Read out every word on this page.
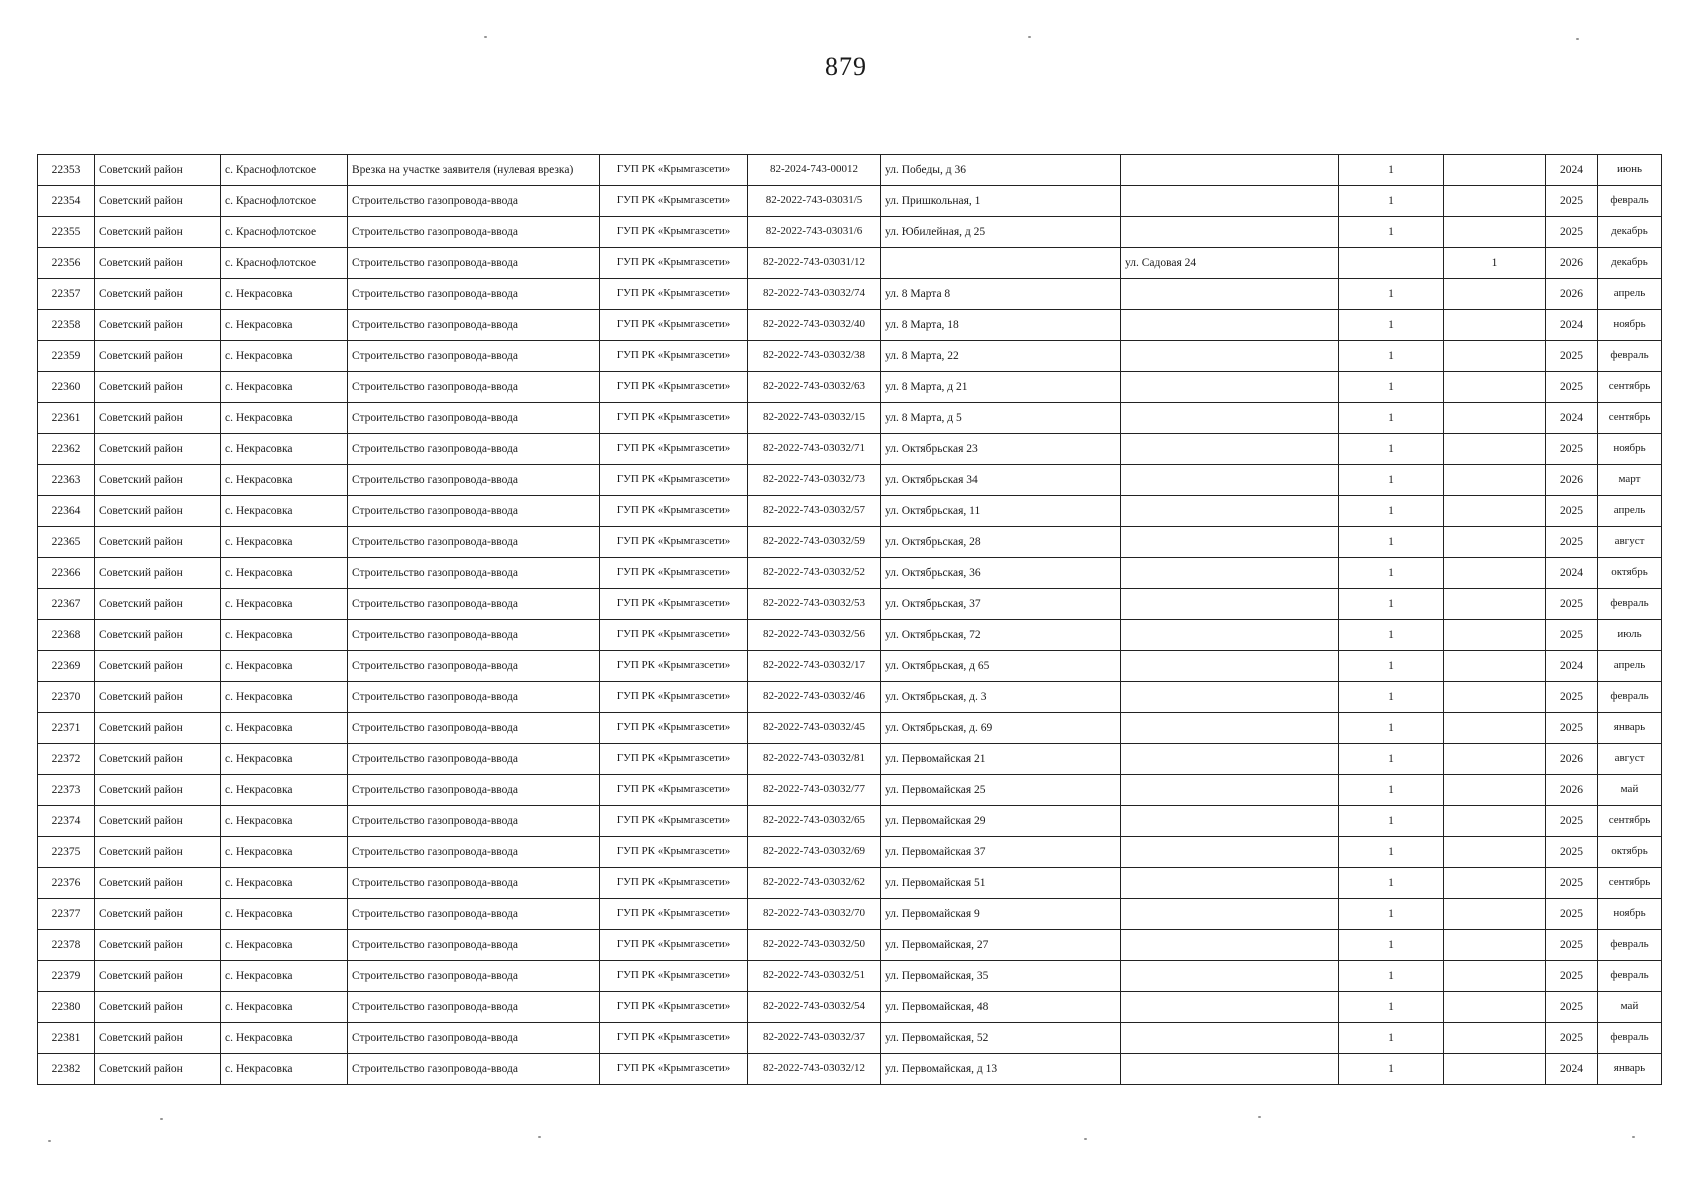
879
22353	Советский район	с. Краснофлотское	Врезка на участке заявителя (нулевая врезка)	ГУП РК «Крымгазсети»	82-2024-743-00012	ул. Победы, д 36		1		2024	июнь
22354	Советский район	с. Краснофлотское	Строительство газопровода-ввода	ГУП РК «Крымгазсети»	82-2022-743-03031/5	ул. Пришкольная, 1		1		2025	февраль
22355	Советский район	с. Краснофлотское	Строительство газопровода-ввода	ГУП РК «Крымгазсети»	82-2022-743-03031/6	ул. Юбилейная, д 25		1		2025	декабрь
22356	Советский район	с. Краснофлотское	Строительство газопровода-ввода	ГУП РК «Крымгазсети»	82-2022-743-03031/12		ул. Садовая 24		1	2026	декабрь
22357	Советский район	с. Некрасовка	Строительство газопровода-ввода	ГУП РК «Крымгазсети»	82-2022-743-03032/74	ул. 8 Марта 8		1		2026	апрель
22358	Советский район	с. Некрасовка	Строительство газопровода-ввода	ГУП РК «Крымгазсети»	82-2022-743-03032/40	ул. 8 Марта, 18		1		2024	ноябрь
22359	Советский район	с. Некрасовка	Строительство газопровода-ввода	ГУП РК «Крымгазсети»	82-2022-743-03032/38	ул. 8 Марта, 22		1		2025	февраль
22360	Советский район	с. Некрасовка	Строительство газопровода-ввода	ГУП РК «Крымгазсети»	82-2022-743-03032/63	ул. 8 Марта, д 21		1		2025	сентябрь
22361	Советский район	с. Некрасовка	Строительство газопровода-ввода	ГУП РК «Крымгазсети»	82-2022-743-03032/15	ул. 8 Марта, д 5		1		2024	сентябрь
22362	Советский район	с. Некрасовка	Строительство газопровода-ввода	ГУП РК «Крымгазсети»	82-2022-743-03032/71	ул. Октябрьская 23		1		2025	ноябрь
22363	Советский район	с. Некрасовка	Строительство газопровода-ввода	ГУП РК «Крымгазсети»	82-2022-743-03032/73	ул. Октябрьская 34		1		2026	март
22364	Советский район	с. Некрасовка	Строительство газопровода-ввода	ГУП РК «Крымгазсети»	82-2022-743-03032/57	ул. Октябрьская, 11		1		2025	апрель
22365	Советский район	с. Некрасовка	Строительство газопровода-ввода	ГУП РК «Крымгазсети»	82-2022-743-03032/59	ул. Октябрьская, 28		1		2025	август
22366	Советский район	с. Некрасовка	Строительство газопровода-ввода	ГУП РК «Крымгазсети»	82-2022-743-03032/52	ул. Октябрьская, 36		1		2024	октябрь
22367	Советский район	с. Некрасовка	Строительство газопровода-ввода	ГУП РК «Крымгазсети»	82-2022-743-03032/53	ул. Октябрьская, 37		1		2025	февраль
22368	Советский район	с. Некрасовка	Строительство газопровода-ввода	ГУП РК «Крымгазсети»	82-2022-743-03032/56	ул. Октябрьская, 72		1		2025	июль
22369	Советский район	с. Некрасовка	Строительство газопровода-ввода	ГУП РК «Крымгазсети»	82-2022-743-03032/17	ул. Октябрьская, д 65		1		2024	апрель
22370	Советский район	с. Некрасовка	Строительство газопровода-ввода	ГУП РК «Крымгазсети»	82-2022-743-03032/46	ул. Октябрьская, д. 3		1		2025	февраль
22371	Советский район	с. Некрасовка	Строительство газопровода-ввода	ГУП РК «Крымгазсети»	82-2022-743-03032/45	ул. Октябрьская, д. 69		1		2025	январь
22372	Советский район	с. Некрасовка	Строительство газопровода-ввода	ГУП РК «Крымгазсети»	82-2022-743-03032/81	ул. Первомайская 21		1		2026	август
22373	Советский район	с. Некрасовка	Строительство газопровода-ввода	ГУП РК «Крымгазсети»	82-2022-743-03032/77	ул. Первомайская 25		1		2026	май
22374	Советский район	с. Некрасовка	Строительство газопровода-ввода	ГУП РК «Крымгазсети»	82-2022-743-03032/65	ул. Первомайская 29		1		2025	сентябрь
22375	Советский район	с. Некрасовка	Строительство газопровода-ввода	ГУП РК «Крымгазсети»	82-2022-743-03032/69	ул. Первомайская 37		1		2025	октябрь
22376	Советский район	с. Некрасовка	Строительство газопровода-ввода	ГУП РК «Крымгазсети»	82-2022-743-03032/62	ул. Первомайская 51		1		2025	сентябрь
22377	Советский район	с. Некрасовка	Строительство газопровода-ввода	ГУП РК «Крымгазсети»	82-2022-743-03032/70	ул. Первомайская 9		1		2025	ноябрь
22378	Советский район	с. Некрасовка	Строительство газопровода-ввода	ГУП РК «Крымгазсети»	82-2022-743-03032/50	ул. Первомайская, 27		1		2025	февраль
22379	Советский район	с. Некрасовка	Строительство газопровода-ввода	ГУП РК «Крымгазсети»	82-2022-743-03032/51	ул. Первомайская, 35		1		2025	февраль
22380	Советский район	с. Некрасовка	Строительство газопровода-ввода	ГУП РК «Крымгазсети»	82-2022-743-03032/54	ул. Первомайская, 48		1		2025	май
22381	Советский район	с. Некрасовка	Строительство газопровода-ввода	ГУП РК «Крымгазсети»	82-2022-743-03032/37	ул. Первомайская, 52		1		2025	февраль
22382	Советский район	с. Некрасовка	Строительство газопровода-ввода	ГУП РК «Крымгазсети»	82-2022-743-03032/12	ул. Первомайская, д 13		1		2024	январь
